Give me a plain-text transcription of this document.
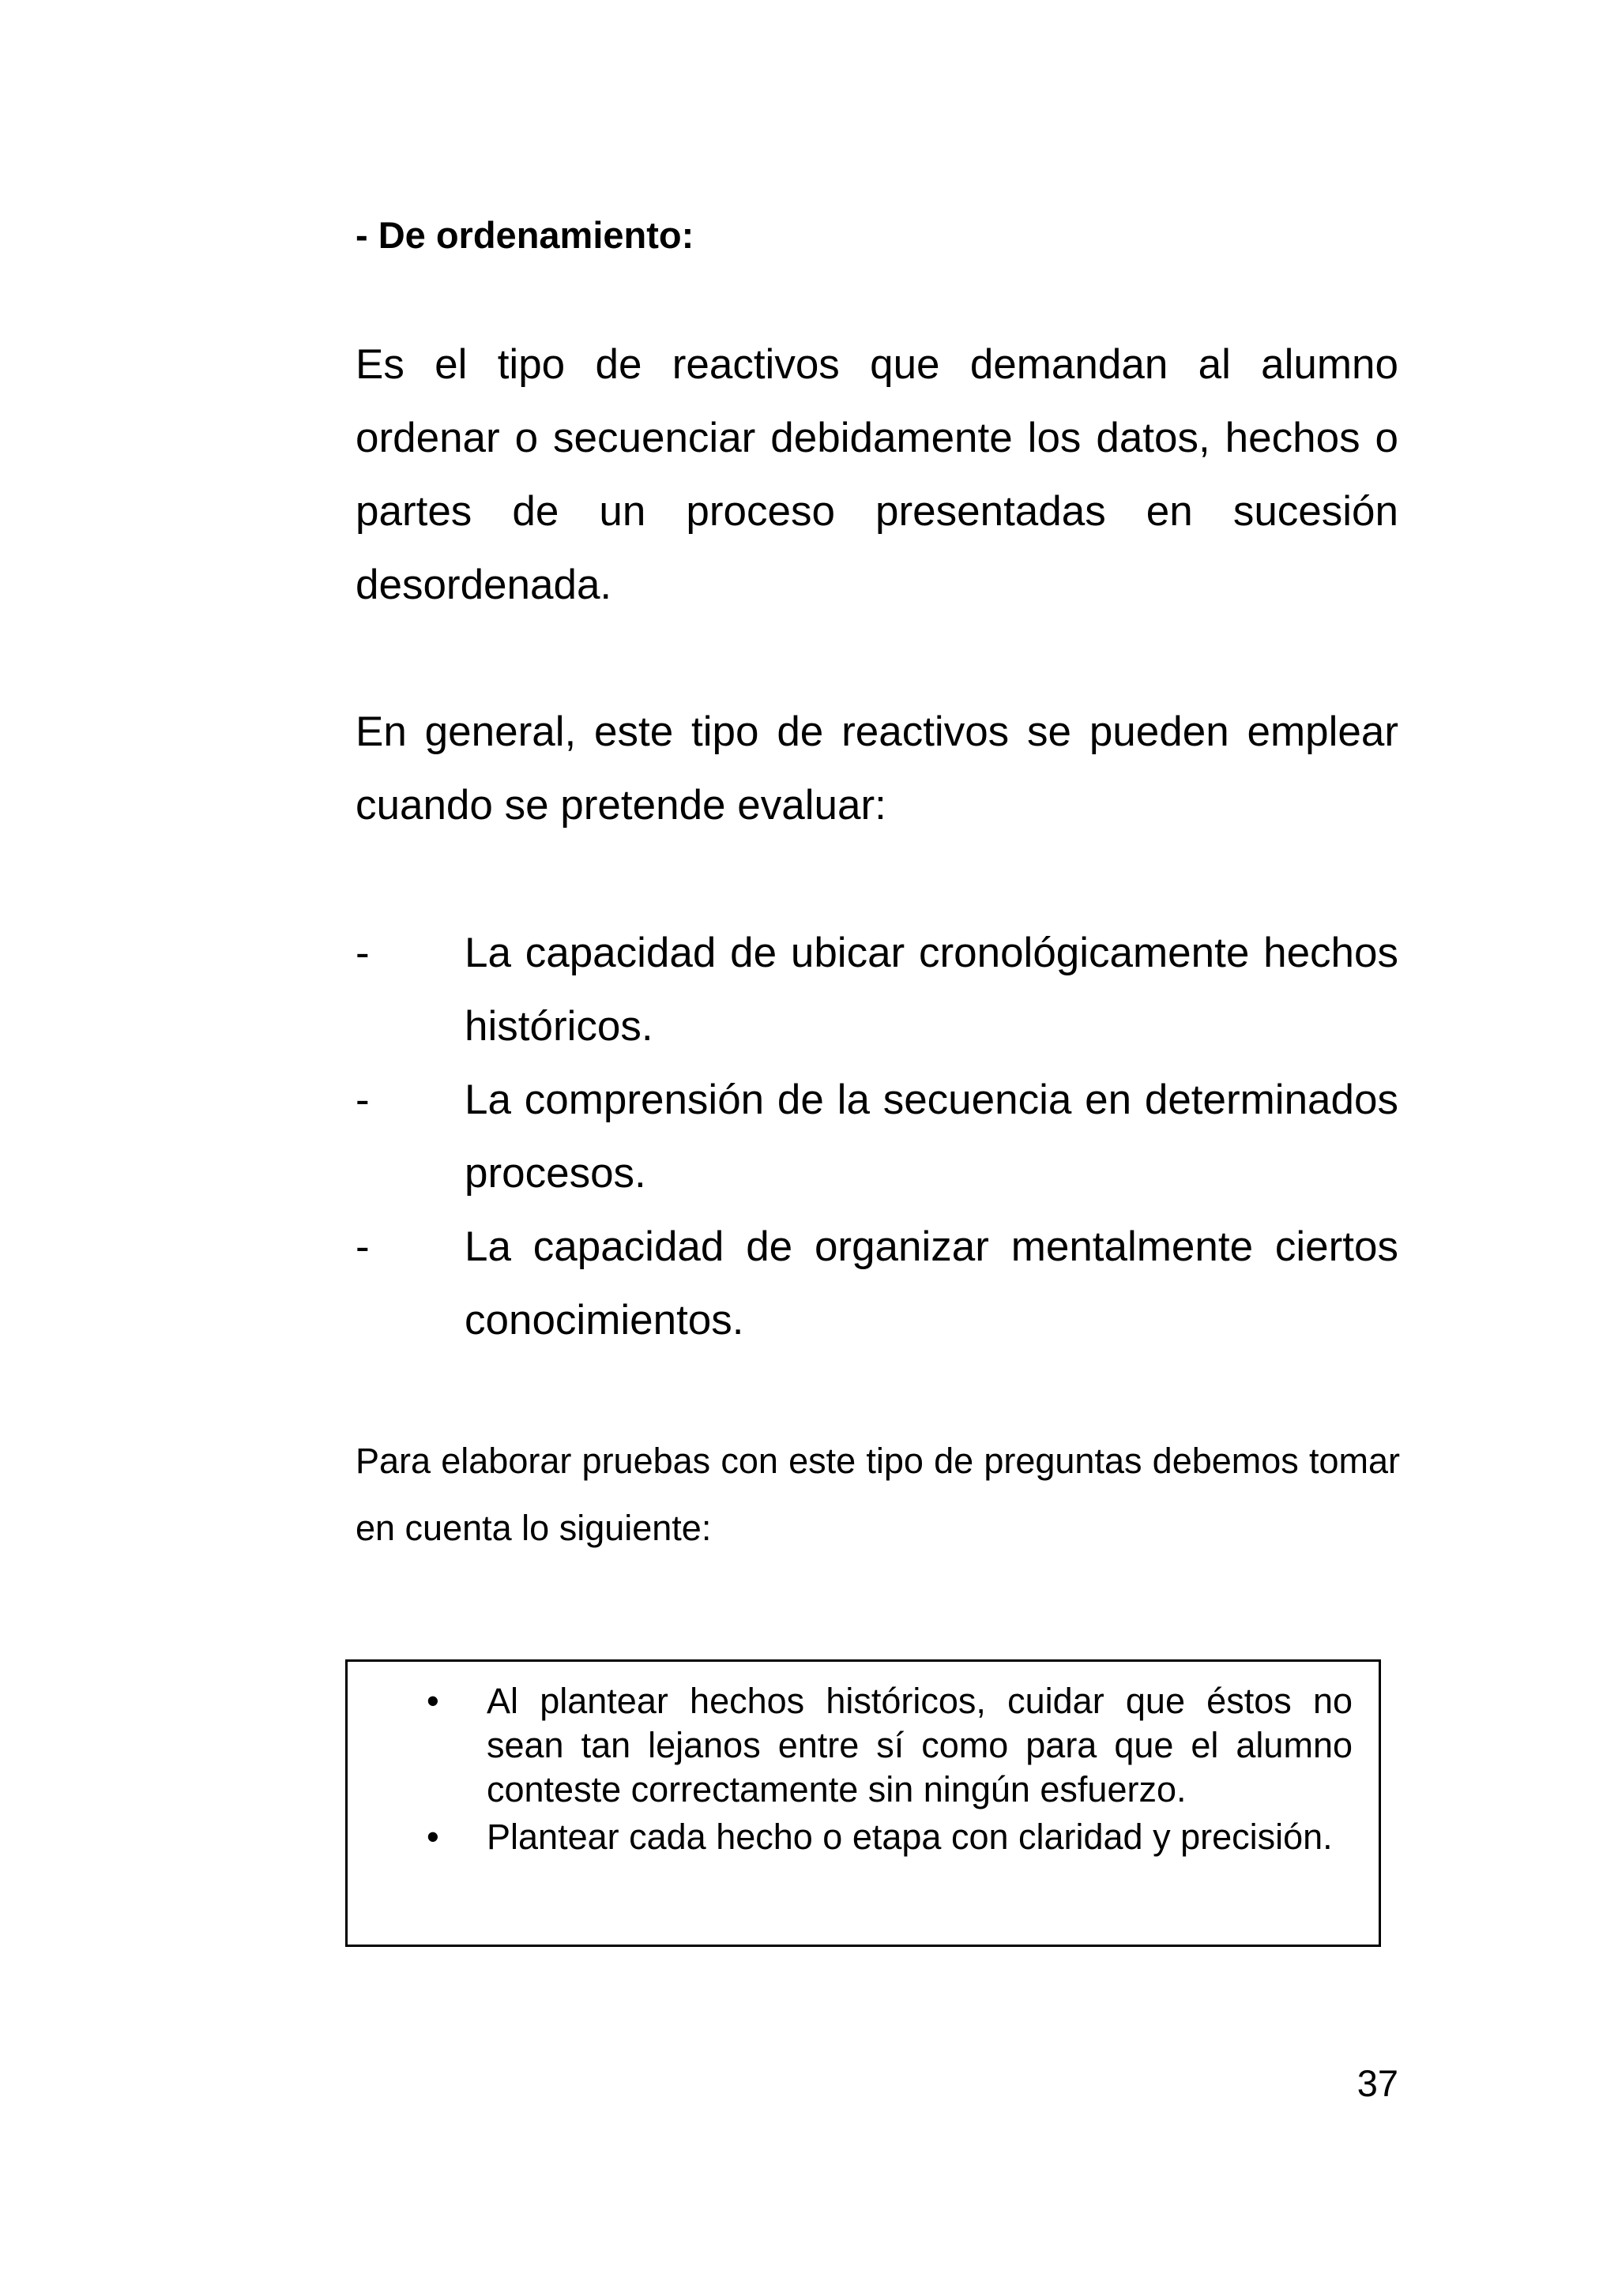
- De ordenamiento:

Es el tipo de reactivos que demandan al alumno ordenar o secuenciar debidamente los datos, hechos o partes de un proceso presentadas en sucesión desordenada.

En general, este tipo de reactivos se pueden emplear cuando se pretende evaluar:

- La capacidad de ubicar cronológicamente hechos históricos.
- La comprensión de la secuencia en determinados procesos.
- La capacidad de organizar mentalmente ciertos conocimientos.

Para elaborar pruebas con este tipo de preguntas debemos tomar en cuenta lo siguiente:

• Al plantear hechos históricos, cuidar que éstos no sean tan lejanos entre sí como para que el alumno conteste correctamente sin ningún esfuerzo.
• Plantear cada hecho o etapa con claridad y precisión.
37
